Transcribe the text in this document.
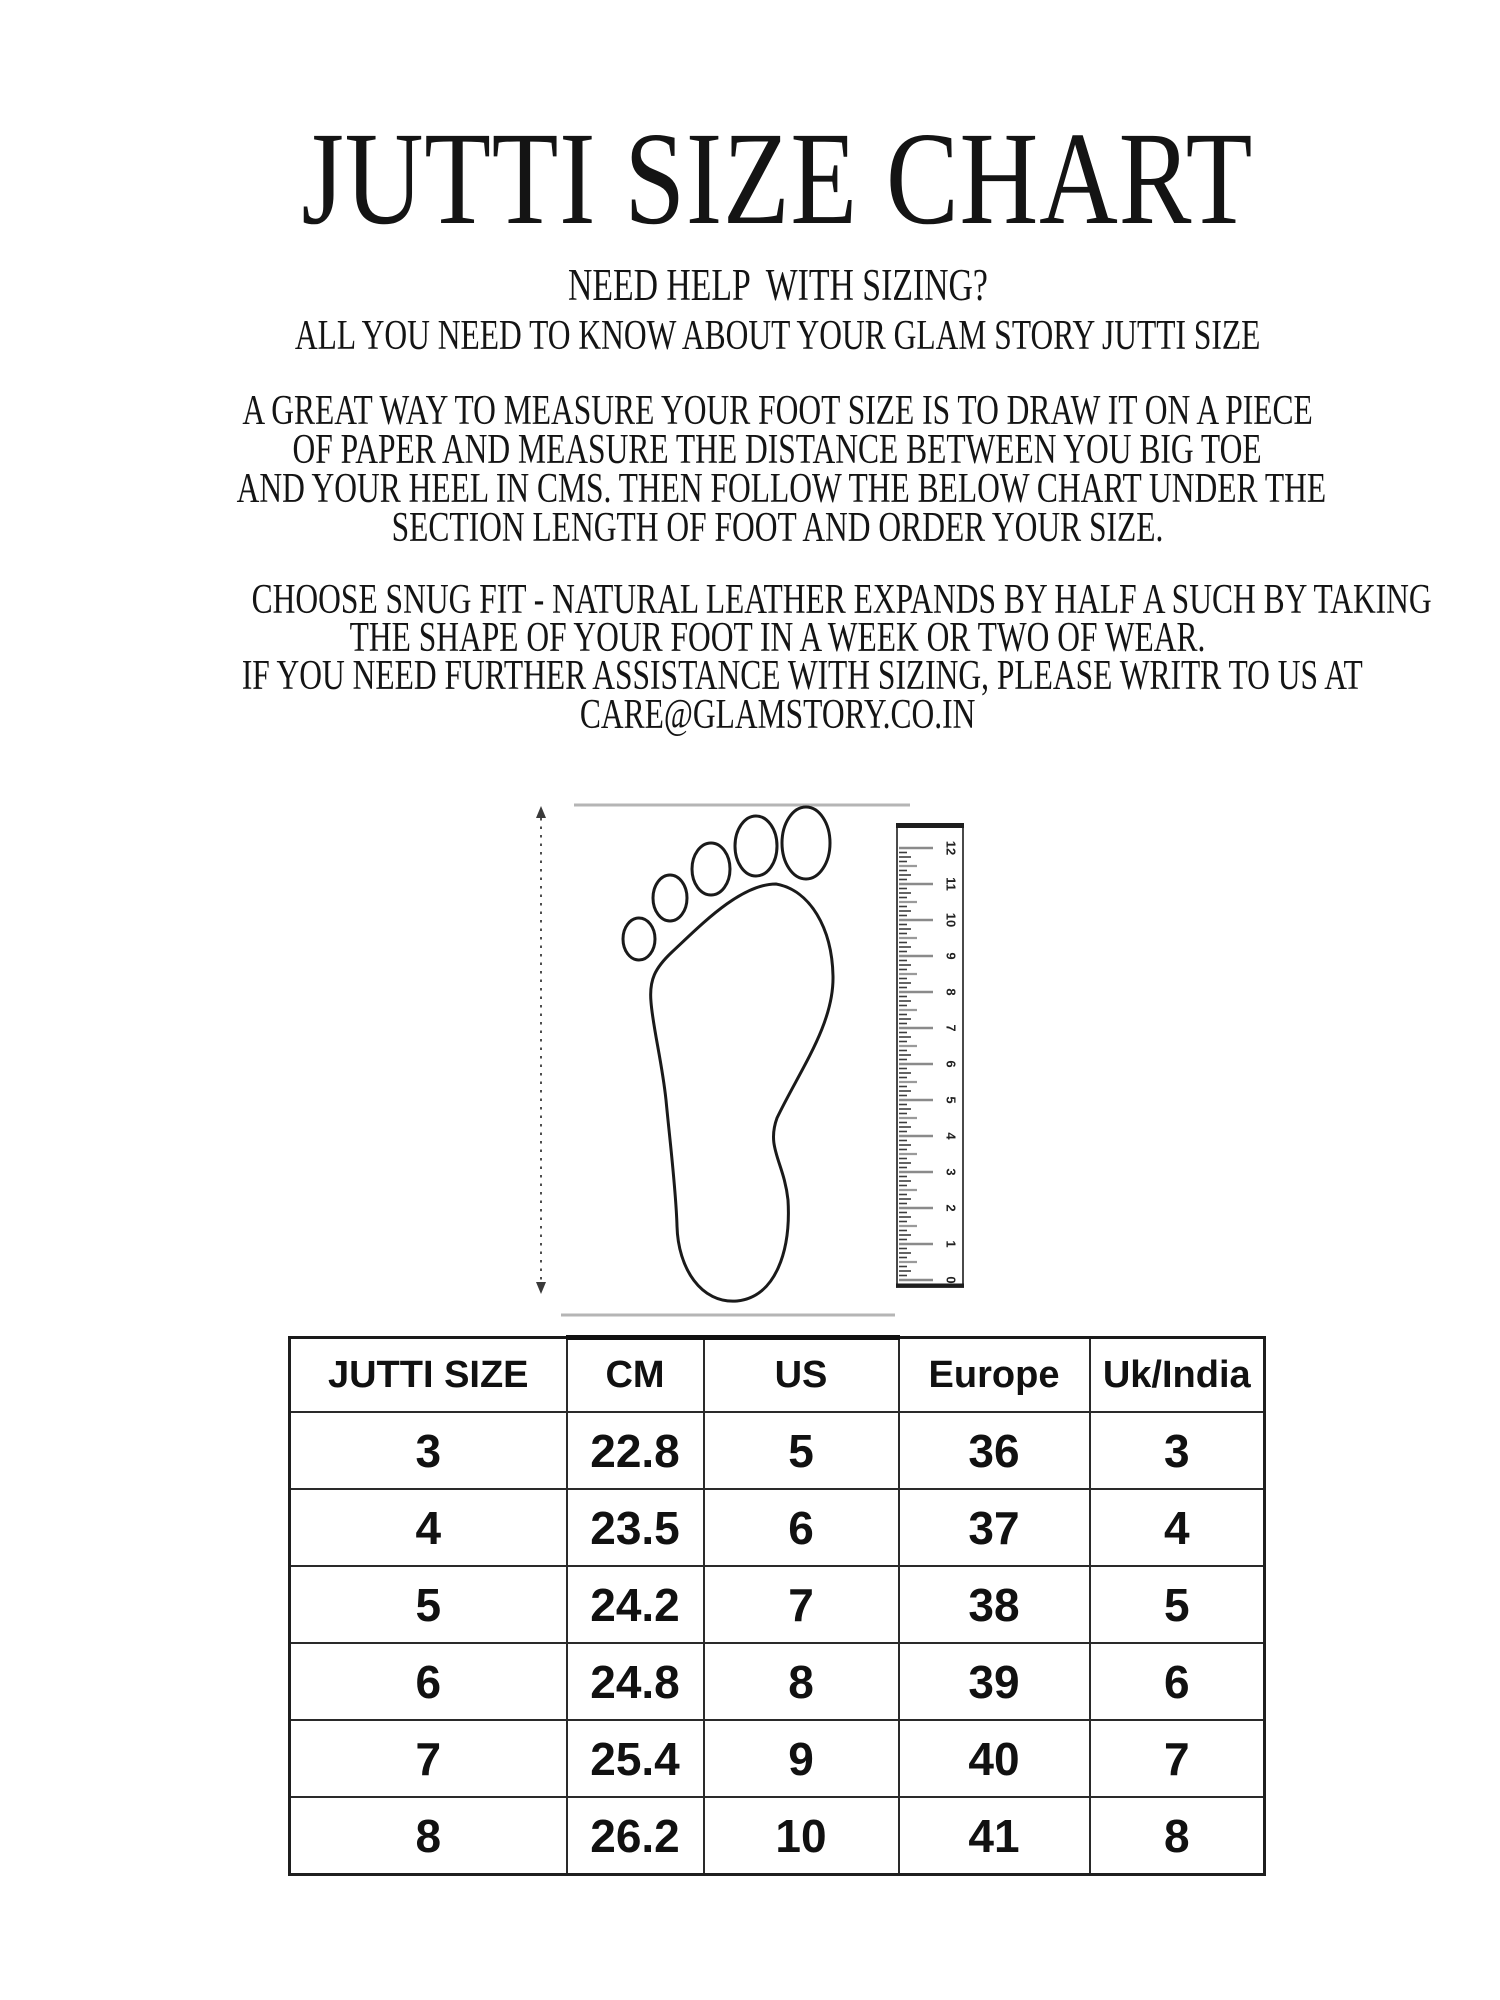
JUTTI SIZE CHART
NEED HELP  WITH SIZING?
ALL YOU NEED TO KNOW ABOUT YOUR GLAM STORY JUTTI SIZE
A GREAT WAY TO MEASURE YOUR FOOT SIZE IS TO DRAW IT ON A PIECE
OF PAPER AND MEASURE THE DISTANCE BETWEEN YOU BIG TOE
AND YOUR HEEL IN CMS. THEN FOLLOW THE BELOW CHART UNDER THE
SECTION LENGTH OF FOOT AND ORDER YOUR SIZE.
CHOOSE SNUG FIT - NATURAL LEATHER EXPANDS BY HALF A SUCH BY TAKING
THE SHAPE OF YOUR FOOT IN A WEEK OR TWO OF WEAR.
IF YOU NEED FURTHER ASSISTANCE WITH SIZING, PLEASE WRITR TO US AT
CARE@GLAMSTORY.CO.IN
0
1
2
3
4
5
6
7
8
9
10
11
12
JUTTI SIZE	CM	US	Europe	Uk/India
3	22.8	5	36	3
4	23.5	6	37	4
5	24.2	7	38	5
6	24.8	8	39	6
7	25.4	9	40	7
8	26.2	10	41	8
